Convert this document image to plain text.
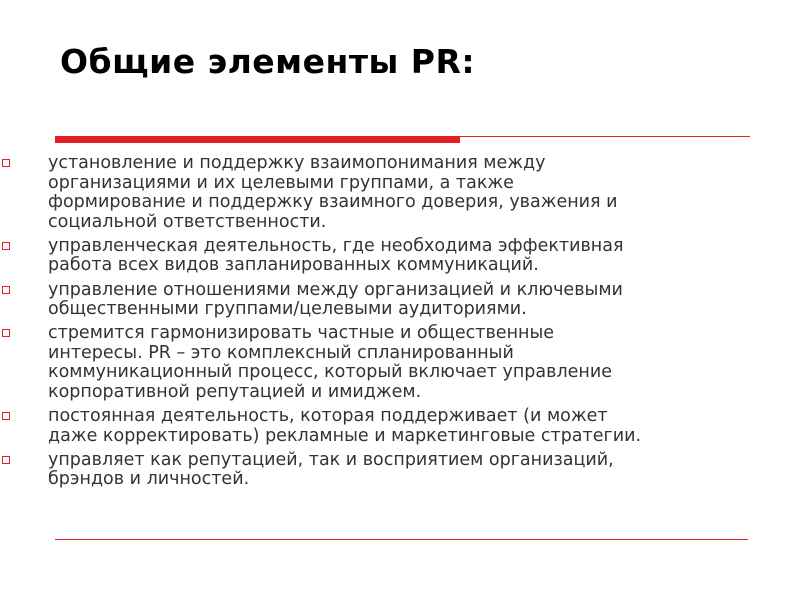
Общие элементы PR:
установление и поддержку взаимопонимания между
организациями и их целевыми группами, а также
формирование и поддержку взаимного доверия, уважения и
социальной ответственности.
управленческая деятельность, где необходима эффективная
работа всех видов запланированных коммуникаций.
управление отношениями между организацией и ключевыми
общественными группами/целевыми аудиториями.
стремится гармонизировать частные и общественные
интересы. PR – это комплексный спланированный
коммуникационный процесс, который включает управление
корпоративной репутацией и имиджем.
постоянная деятельность, которая поддерживает (и может
даже корректировать) рекламные и маркетинговые стратегии.
управляет как репутацией, так и восприятием организаций,
брэндов и личностей.
